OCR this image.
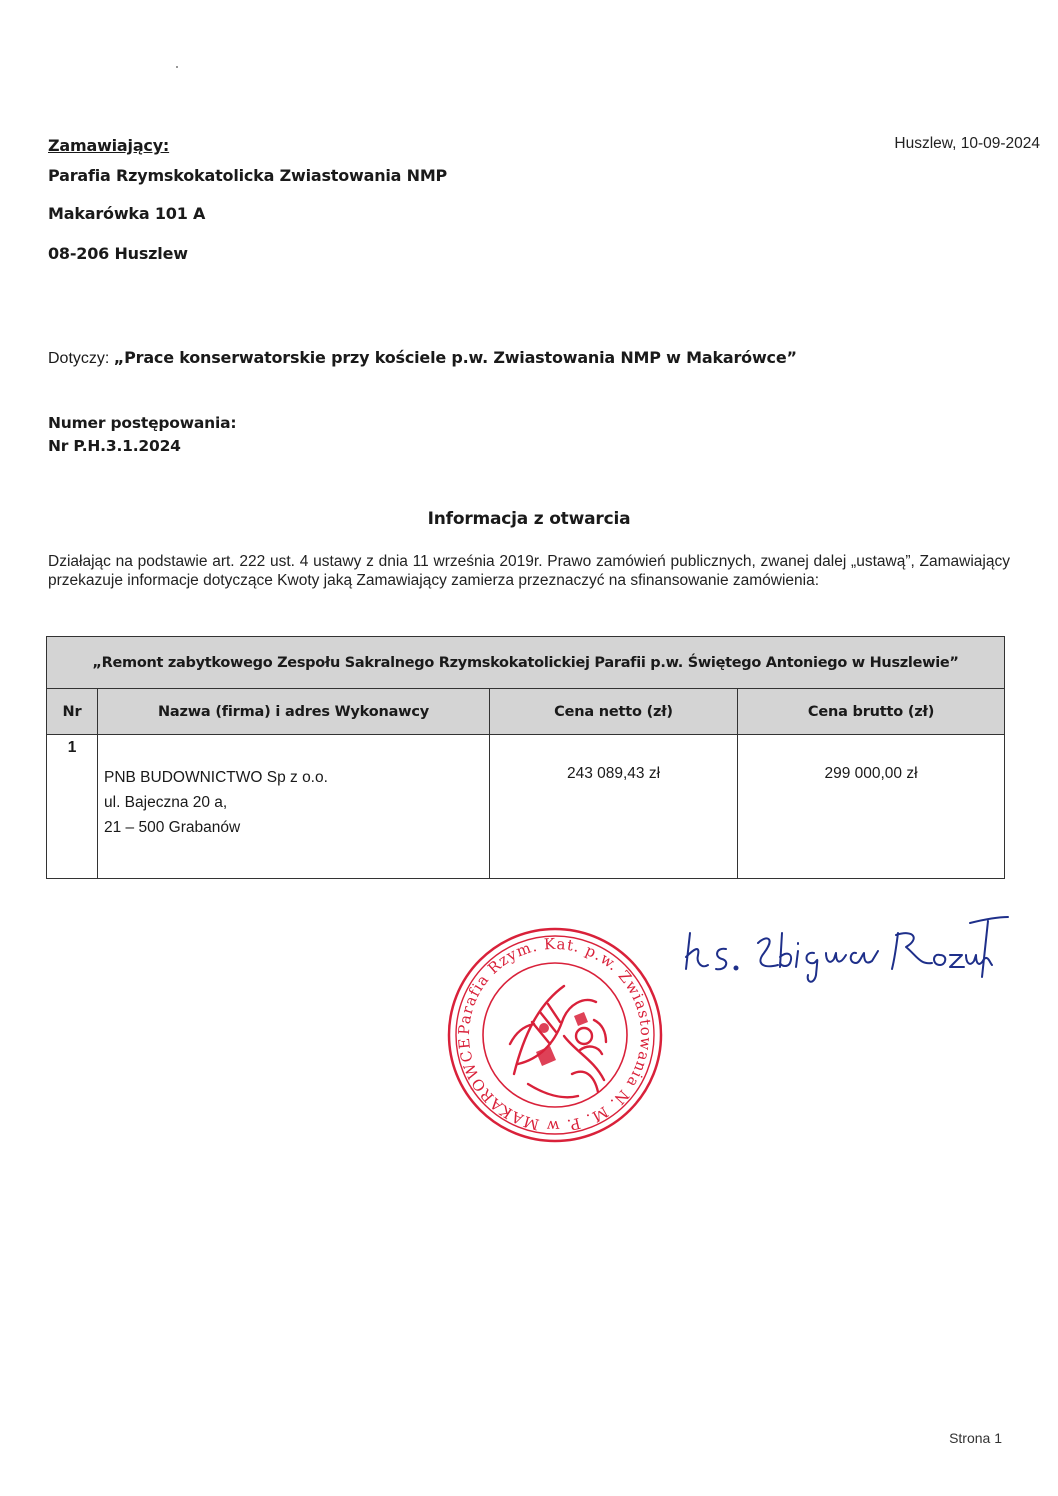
Zamawiający:
Parafia Rzymskokatolicka Zwiastowania NMP
Makarówka 101 A
08-206 Huszlew
Huszlew, 10-09-2024
Dotyczy: „Prace konserwatorskie przy kościele p.w. Zwiastowania NMP w Makarówce”
Numer postępowania:
Nr P.H.3.1.2024
Informacja z otwarcia
Działając na podstawie art. 222 ust. 4 ustawy z dnia 11 września 2019r. Prawo zamówień publicznych, zwanej dalej „ustawą”, Zamawiający przekazuje informacje dotyczące Kwoty jaką Zamawiający zamierza przeznaczyć na sfinansowanie zamówienia:
„Remont zabytkowego Zespołu Sakralnego Rzymskokatolickiej Parafii p.w. Świętego Antoniego w Huszlewie”			
Nr	Nazwa (firma) i adres Wykonawcy	Cena netto (zł)	Cena brutto (zł)
1	PNB BUDOWNICTWO Sp z o.o.
ul. Bajeczna 20 a,
21 – 500 Grabanów	243 089,43 zł	299 000,00 zł
Parafia Rzym. Kat. p.w. Zwiastowania N. M. P. w MAKARÓWCE
Strona 1
